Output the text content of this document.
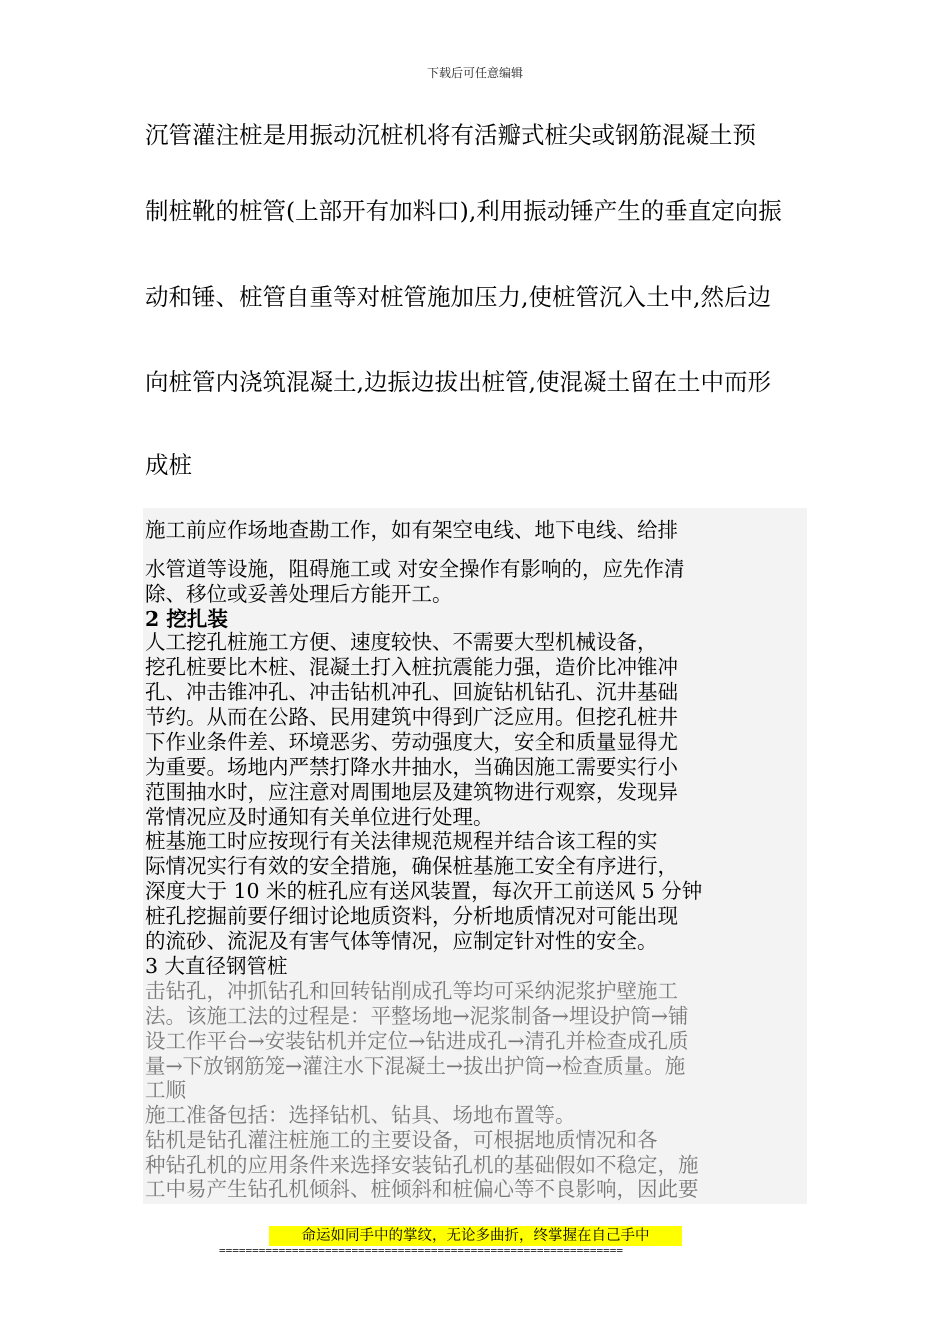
下载后可任意编辑
沉管灌注桩是用振动沉桩机将有活瓣式桩尖或钢筋混凝土预
制桩靴的桩管(上部开有加料口),利用振动锤产生的垂直定向振
动和锤、桩管自重等对桩管施加压力,使桩管沉入土中,然后边
向桩管内浇筑混凝土,边振边拔出桩管,使混凝土留在土中而形
成桩
施工前应作场地查勘工作，如有架空电线、地下电线、给排
水管道等设施，阻碍施工或 对安全操作有影响的，应先作清
除、移位或妥善处理后方能开工。
2 挖扎装
人工挖孔桩施工方便、速度较快、不需要大型机械设备，
挖孔桩要比木桩、混凝土打入桩抗震能力强，造价比冲锥冲
孔、冲击锥冲孔、冲击钻机冲孔、回旋钻机钻孔、沉井基础
节约。从而在公路、民用建筑中得到广泛应用。但挖孔桩井
下作业条件差、环境恶劣、劳动强度大，安全和质量显得尤
为重要。场地内严禁打降水井抽水，当确因施工需要实行小
范围抽水时，应注意对周围地层及建筑物进行观察，发现异
常情况应及时通知有关单位进行处理。
桩基施工时应按现行有关法律规范规程并结合该工程的实
际情况实行有效的安全措施，确保桩基施工安全有序进行，
深度大于 10 米的桩孔应有送风装置，每次开工前送风 5 分钟
桩孔挖掘前要仔细讨论地质资料，分析地质情况对可能出现
的流砂、流泥及有害气体等情况，应制定针对性的安全。
3 大直径钢管桩
击钻孔，冲抓钻孔和回转钻削成孔等均可采纳泥浆护壁施工
法。该施工法的过程是：平整场地→泥浆制备→埋设护筒→铺
设工作平台→安装钻机并定位→钻进成孔→清孔并检查成孔质
量→下放钢筋笼→灌注水下混凝土→拔出护筒→检查质量。施
工顺
施工准备包括：选择钻机、钻具、场地布置等。
钻机是钻孔灌注桩施工的主要设备，可根据地质情况和各
种钻孔机的应用条件来选择安装钻孔机的基础假如不稳定，施
工中易产生钻孔机倾斜、桩倾斜和桩偏心等不良影响，因此要
命运如同手中的掌纹，无论多曲折，终掌握在自己手中
=============================================================
